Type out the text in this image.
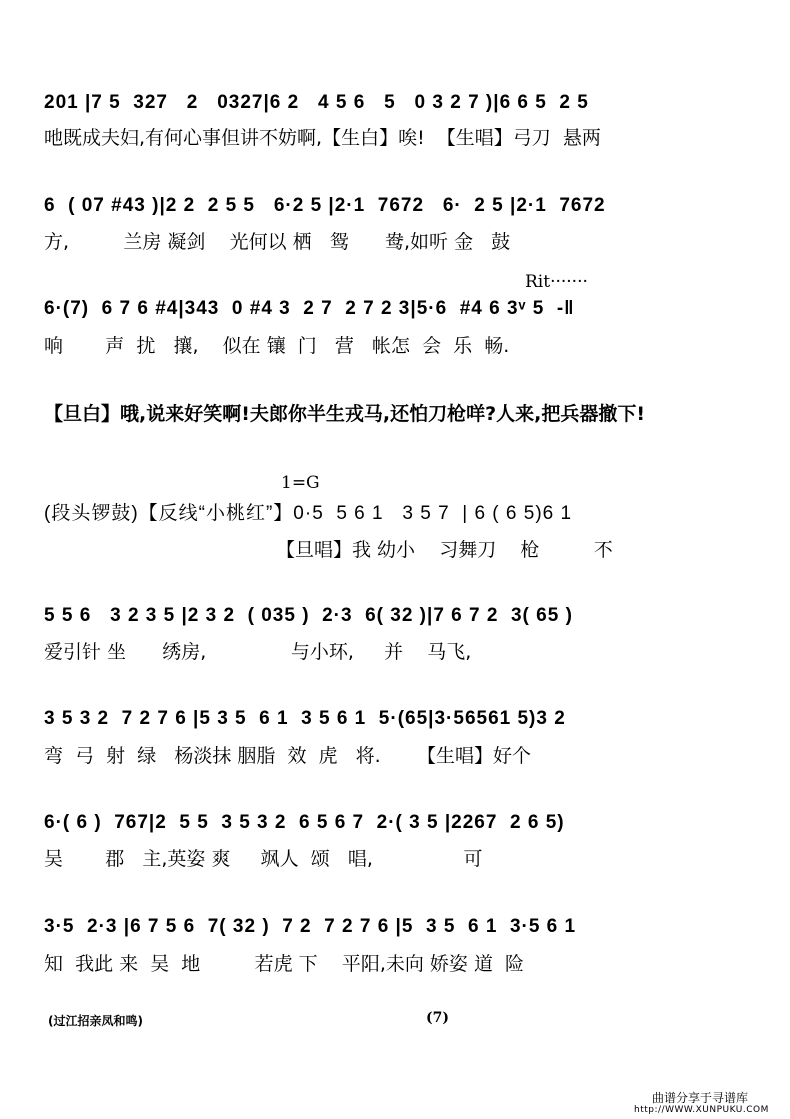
201 |7 5  327   2   0327|6 2   4 5 6   5   0 3 2 7 )|6 6 5  2 5
吔既成夫妇,有何心事但讲不妨啊,【生白】唉!  【生唱】弓刀  悬两
6  ( 07 #43 )|2 2  2 5 5   6·2 5 |2·1  7672   6·  2 5 |2·1  7672
方,         兰房 凝剑    光何以 栖   鸳      鸯,如听 金   鼓
Rit·······
6·(7)  6 7 6 #4|343  0 #4 3  2 7  2 7 2 3|5·6  #4 6 3ᵛ 5  -‖
响       声  扰   攘,    似在 镶  门   营   帐怎  会  乐  畅.
【旦白】哦,说来好笑啊!夫郎你半生戎马,还怕刀枪咩?人来,把兵器撤下!
1=G
(段头锣鼓)【反线“小桃红”】0·5  5 6 1   3 5 7  | 6 ( 6 5)6 1
【旦唱】我 幼小    习舞刀    枪         不
5 5 6   3 2 3 5 |2 3 2  ( 035 )  2·3  6( 32 )|7 6 7 2  3( 65 )
爱引针 坐      绣房,              与小环,     并    马飞,
3 5 3 2  7 2 7 6 |5 3 5  6 1  3 5 6 1  5·(65|3·56561 5)3 2
弯  弓  射  绿   杨淡抹 胭脂  效  虎   将.      【生唱】好个
6·( 6 )  767|2  5 5  3 5 3 2  6 5 6 7  2·( 3 5 |2267  2 6 5)
吴       郡   主,英姿 爽     飒人  颂   唱,               可
3·5  2·3 |6 7 5 6  7( 32 )  7 2  7 2 7 6 |5  3 5  6 1  3·5 6 1
知  我此 来  吴  地         若虎 下    平阳,未向 娇姿 道  险
(过江招亲凤和鸣)	(7)
曲谱分享于寻谱库
http://WWW.XUNPUKU.COM
